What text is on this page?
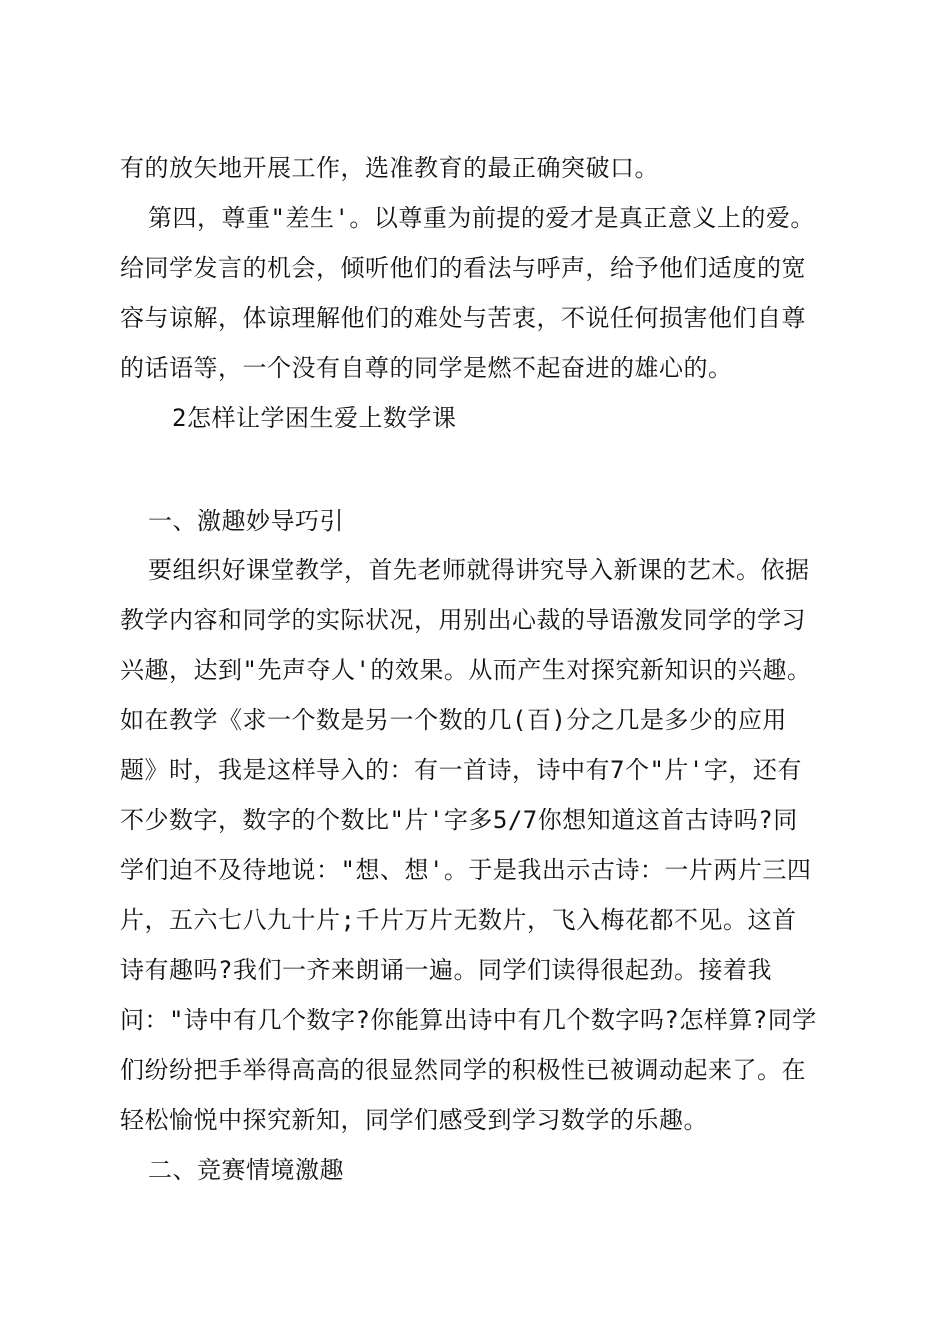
有的放矢地开展工作，选准教育的最正确突破口。
第四，尊重"差生'。以尊重为前提的爱才是真正意义上的爱。
给同学发言的机会，倾听他们的看法与呼声，给予他们适度的宽
容与谅解，体谅理解他们的难处与苦衷，不说任何损害他们自尊
的话语等，一个没有自尊的同学是燃不起奋进的雄心的。
2怎样让学困生爱上数学课
一、激趣妙导巧引
要组织好课堂教学，首先老师就得讲究导入新课的艺术。依据
教学内容和同学的实际状况，用别出心裁的导语激发同学的学习
兴趣，达到"先声夺人'的效果。从而产生对探究新知识的兴趣。
如在教学《求一个数是另一个数的几(百)分之几是多少的应用
题》时，我是这样导入的：有一首诗，诗中有7个"片'字，还有
不少数字，数字的个数比"片'字多5/7你想知道这首古诗吗?同
学们迫不及待地说："想、想'。于是我出示古诗：一片两片三四
片，五六七八九十片;千片万片无数片，飞入梅花都不见。这首
诗有趣吗?我们一齐来朗诵一遍。同学们读得很起劲。接着我
问："诗中有几个数字?你能算出诗中有几个数字吗?怎样算?同学
们纷纷把手举得高高的很显然同学的积极性已被调动起来了。在
轻松愉悦中探究新知，同学们感受到学习数学的乐趣。
二、竞赛情境激趣
